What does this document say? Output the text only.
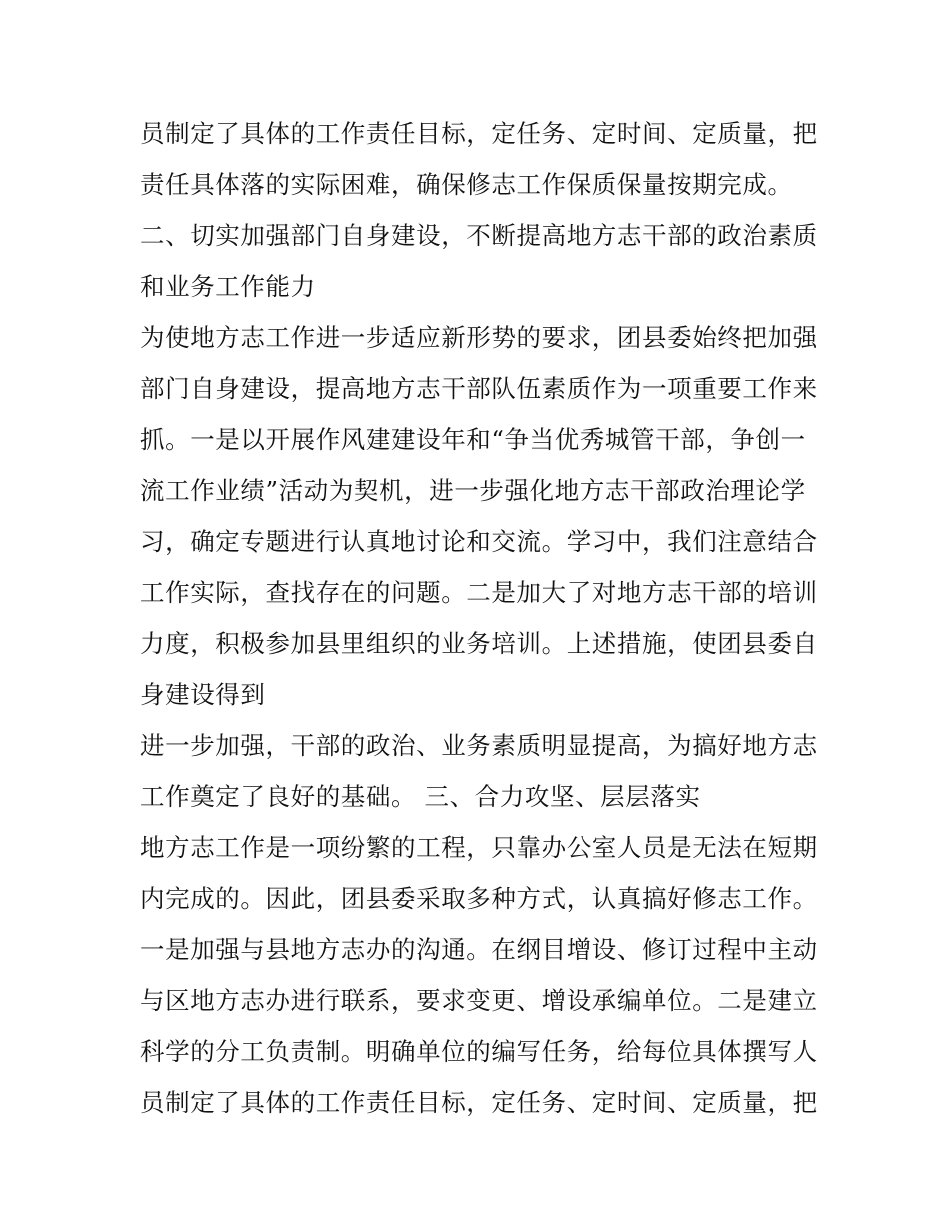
员制定了具体的工作责任目标，定任务、定时间、定质量，把
责任具体落的实际困难，确保修志工作保质保量按期完成。
二、切实加强部门自身建设，不断提高地方志干部的政治素质
和业务工作能力
为使地方志工作进一步适应新形势的要求，团县委始终把加强
部门自身建设，提高地方志干部队伍素质作为一项重要工作来
抓。一是以开展作风建建设年和“争当优秀城管干部，争创一
流工作业绩”活动为契机，进一步强化地方志干部政治理论学
习，确定专题进行认真地讨论和交流。学习中，我们注意结合
工作实际，查找存在的问题。二是加大了对地方志干部的培训
力度，积极参加县里组织的业务培训。上述措施，使团县委自
身建设得到
进一步加强，干部的政治、业务素质明显提高，为搞好地方志
工作奠定了良好的基础。 三、合力攻坚、层层落实
地方志工作是一项纷繁的工程，只靠办公室人员是无法在短期
内完成的。因此，团县委采取多种方式，认真搞好修志工作。
一是加强与县地方志办的沟通。在纲目增设、修订过程中主动
与区地方志办进行联系，要求变更、增设承编单位。二是建立
科学的分工负责制。明确单位的编写任务，给每位具体撰写人
员制定了具体的工作责任目标，定任务、定时间、定质量，把
